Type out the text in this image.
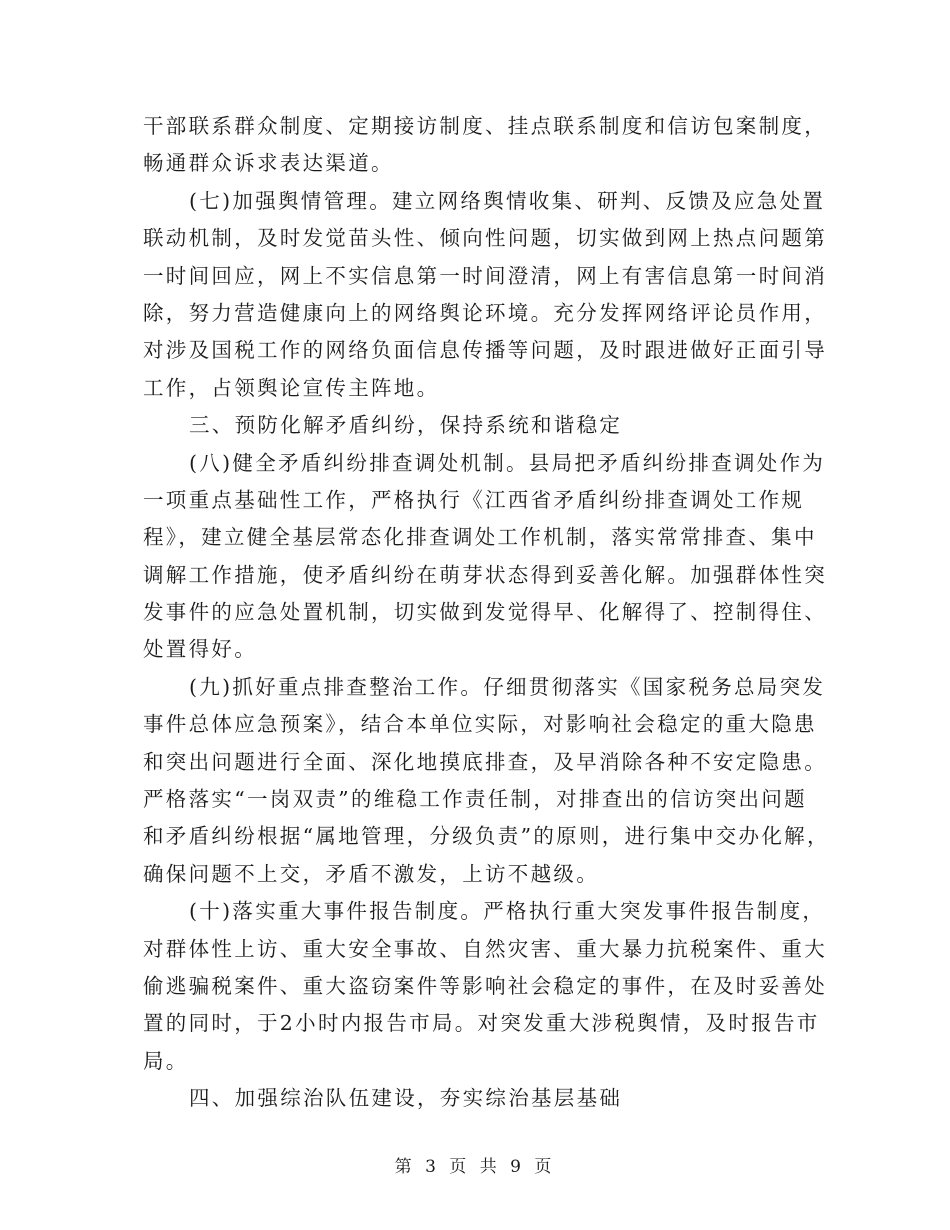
干部联系群众制度、定期接访制度、挂点联系制度和信访包案制度，
畅通群众诉求表达渠道。
(七)加强舆情管理。建立网络舆情收集、研判、反馈及应急处置
联动机制，及时发觉苗头性、倾向性问题，切实做到网上热点问题第
一时间回应，网上不实信息第一时间澄清，网上有害信息第一时间消
除，努力营造健康向上的网络舆论环境。充分发挥网络评论员作用，
对涉及国税工作的网络负面信息传播等问题，及时跟进做好正面引导
工作，占领舆论宣传主阵地。
三、预防化解矛盾纠纷，保持系统和谐稳定
(八)健全矛盾纠纷排查调处机制。县局把矛盾纠纷排查调处作为
一项重点基础性工作，严格执行《江西省矛盾纠纷排查调处工作规
程》，建立健全基层常态化排查调处工作机制，落实常常排查、集中
调解工作措施，使矛盾纠纷在萌芽状态得到妥善化解。加强群体性突
发事件的应急处置机制，切实做到发觉得早、化解得了、控制得住、
处置得好。
(九)抓好重点排查整治工作。仔细贯彻落实《国家税务总局突发
事件总体应急预案》，结合本单位实际，对影响社会稳定的重大隐患
和突出问题进行全面、深化地摸底排查，及早消除各种不安定隐患。
严格落实“一岗双责”的维稳工作责任制，对排查出的信访突出问题
和矛盾纠纷根据“属地管理，分级负责”的原则，进行集中交办化解，
确保问题不上交，矛盾不激发，上访不越级。
(十)落实重大事件报告制度。严格执行重大突发事件报告制度，
对群体性上访、重大安全事故、自然灾害、重大暴力抗税案件、重大
偷逃骗税案件、重大盗窃案件等影响社会稳定的事件，在及时妥善处
置的同时，于2小时内报告市局。对突发重大涉税舆情，及时报告市
局。
四、加强综治队伍建设，夯实综治基层基础
第 3 页 共 9 页
